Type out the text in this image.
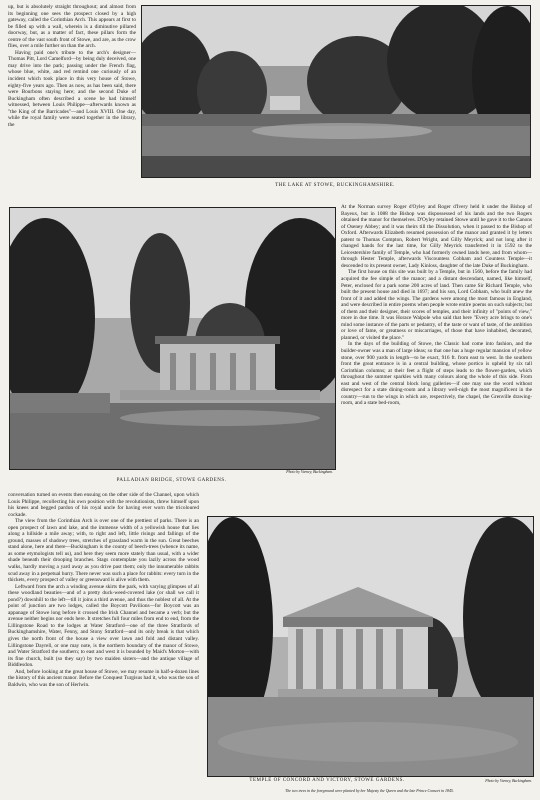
up, but is absolutely straight throughout; and almost from its beginning one sees the prospect closed by a high gateway, called the Corinthian Arch. This appears at first to be filled up with a wall, wherein is a diminutive pillared doorway, but, as a matter of fact, these pillars form the centre of the vast south front of Stowe, and are, as the crow flies, over a mile further on than the arch.

Having paid one's tribute to the arch's designer—Thomas Pitt, Lord Camelford—by being duly deceived, one may drive into the park; passing under the French flag, whose blue, white, and red remind one curiously of an incident which took place in this very house of Stowe, eighty-five years ago. Then as now, as has been said, there were Bourbons staying here; and the second Duke of Buckingham often described a scene he had himself witnessed, between Louis Philippe—afterwards known as "the King of the Barricades"—and Louis XVIII. One day, while the royal family were seated together in the library, the

THE LAKE AT STOWE, BUCKINGHAMSHIRE.
Photo by Varney, Buckingham.
PALLADIAN BRIDGE, STOWE GARDENS.

At the Norman survey Roger d'Oyley and Roger d'Ivery held it under the Bishop of Bayeux, but in 1088 the Bishop was dispossessed of his lands and the two Rogers obtained the manor for themselves. D'Oyley retained Stowe until he gave it to the Canons of Oseney Abbey; and it was theirs till the Dissolution, when it passed to the Bishop of Oxford. Afterwards Elizabeth resumed possession of the manor and granted it by letters patent to Thomas Compton, Robert Wright, and Gilly Meyrick; and not long after it changed hands for the last time, for Gilly Meyrick transferred it in 1592 to the Leicestershire family of Temple, who had formerly owned lands here, and from whom—through Hester Temple, afterwards Viscountess Cobham and Countess Temple—it descended to its present owner, Lady Kinloss, daughter of the late Duke of Buckingham.

The first house on this site was built by a Temple, but in 1560, before the family had acquired the fee simple of the manor; and a distant descendant, named, like himself, Peter, enclosed for a park some 200 acres of land. Then came Sir Richard Temple, who built the present house and died in 1697; and his son, Lord Cobham, who built anew the front of it and added the wings. The gardens were among the most famous in England, and were described in entire poems when people wrote entire poems on such subjects; but of them and their designer, their scores of temples, and their infinity of "points of view," more in due time. It was Horace Walpole who said that here "Every acre brings to one's mind some instance of the parts or pedantry, of the taste or want of taste, of the ambition or love of fame, or greatness or miscarriages, of those that have inhabited, decorated, planned, or visited the place."

In the days of the building of Stowe, the Classic had come into fashion, and the builder-owner was a man of large ideas; so that one has a huge regular mansion of yellow stone, over 900 yards in length—to be exact, 916 ft. from east to west. In the southern front the great entrance is in a central building, whose portico is upheld by six tall Corinthian columns; at their feet a flight of steps leads to the flower-garden, which throughout the summer sparkles with many colours along the whole of this side. From east and west of the central block long galleries—if one may use the word without disrespect for a state dining-room and a library well-nigh the most magnificent in the country—run to the wings in which are, respectively, the chapel, the Grenville drawing-room, and a state bed-room,

conversation turned on events then ensuing on the other side of the Channel, upon which Louis Philippe, recollecting his own position with the revolutionists, threw himself upon his knees and begged pardon of his royal uncle for having ever worn the tricoloured cockade.

The view from the Corinthian Arch is over one of the prettiest of parks. There is an open prospect of lawn and lake, and the immense width of a yellowish house that lies along a hillside a mile away; with, to right and left, little risings and fallings of the ground, masses of shadowy trees, stretches of grassland warm in the sun. Great beeches stand alone, here and there—Buckingham is the county of beech-trees (whence its name, as some etymologists tell us), and here they seem more stately than usual, with a wider shade beneath their drooping branches. Stags contemplate you lazily across the wood walks, hardly moving a yard away as you drive past them; only the innumerable rabbits scud away in a perpetual hurry. There never was such a place for rabbits: every turn in the thickets, every prospect of valley or greensward is alive with them.

Leftward from the arch a winding avenue skirts the park, with varying glimpses of all these woodland beauties—and of a pretty duck-weed-covered lake (or shall we call it pond?) downhill to the left—till it joins a third avenue, and thus the noblest of all. At the point of junction are two lodges, called the Boycott Pavilions—for Boycott was an appanage of Stowe long before it crossed the Irish Channel and became a verb; but the avenue neither begins nor ends here. It stretches full four miles from end to end, from the Lillingstone Road to the lodges at Water Stratford—one of the three Stratfords of Buckinghamshire, Water, Fenny, and Stony Stratford—and its only break is that which gives the north front of the house a view over lawn and fold and distant valley. Lillingstone Dayrell, or one may note, is the northern boundary of the manor of Stowe, and Water Stratford the southern; to east and west it is bounded by Maid's Morton—with its fine church, built (so they say) by two maiden sisters—and the antique village of Biddlesdon.

And, before looking at the great house of Stowe, we may resume in half-a-dozen lines the history of this ancient manor. Before the Conquest Turgisus had it, who was the son of Baldwin, who was the son of Herlwin.

TEMPLE OF CONCORD AND VICTORY, STOWE GARDENS.	Photo by Varney, Buckingham.
The two trees in the foreground were planted by her Majesty the Queen and the late Prince Consort in 1845.
